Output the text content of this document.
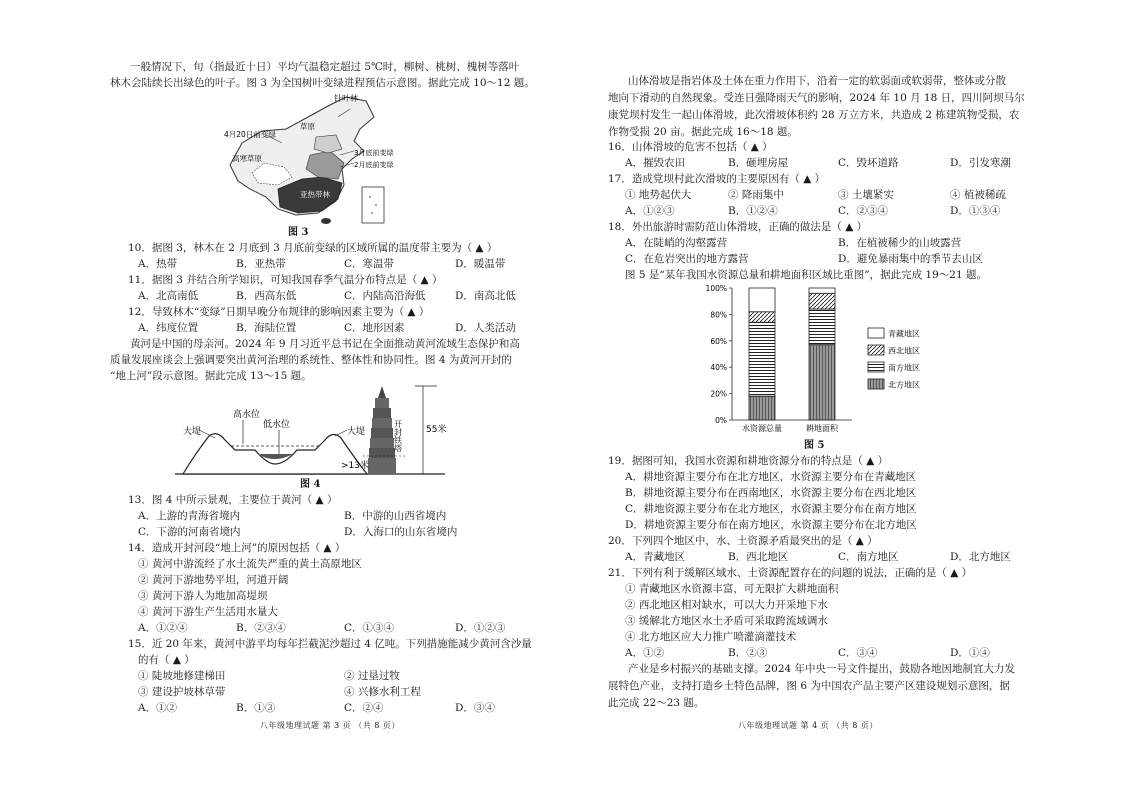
一般情况下，旬（指最近十日）平均气温稳定超过 5℃时，柳树、桃树、槐树等落叶
林木会陆续长出绿色的叶子。图 3 为全国树叶变绿进程预估示意图。据此完成 10～12 题。
针叶林
4月20日前变绿
草原
高寒草原
3月底前变绿
2月底前变绿
亚热带林
图 3
10．据图 3，林木在 2 月底到 3 月底前变绿的区域所属的温度带主要为（ ▲ ）
A．热带	B．亚热带	C．寒温带	D．暖温带
11．据图 3 并结合所学知识，可知我国春季气温分布特点是（ ▲ ）
A．北高南低	B．西高东低	C．内陆高沿海低	D．南高北低
12．导致林木“变绿”日期早晚分布规律的影响因素主要为（ ▲ ）
A．纬度位置	B．海陆位置	C．地形因素	D．人类活动
黄河是中国的母亲河。2024 年 9 月习近平总书记在全面推动黄河流域生态保护和高
质量发展座谈会上强调要突出黄河治理的系统性、整体性和协同性。图 4 为黄河开封的
“地上河”段示意图。据此完成 13～15 题。
高水位
低水位
大堤	大堤	开封铁塔	55米
>13米
图 4
13．图 4 中所示景观，主要位于黄河（ ▲ ）
A．上游的青海省境内	B．中游的山西省境内
C．下游的河南省境内	D．入海口的山东省境内
14．造成开封河段“地上河”的原因包括（ ▲ ）
① 黄河中游流经了水土流失严重的黄土高原地区
② 黄河下游地势平坦，河道开阔
③ 黄河下游人为地加高堤坝
④ 黄河下游生产生活用水量大
A．①②④	B．②③④	C．①③④	D．①②③
15．近 20 年来，黄河中游平均每年拦截泥沙超过 4 亿吨。下列措施能减少黄河含沙量
的有（ ▲ ）
① 陡坡地修建梯田	② 过垦过牧
③ 建设护坡林草带	④ 兴修水利工程
A．①②	B．①③	C．②④	D．③④
八年级地理试题 第 3 页 （共 8 页）
山体滑坡是指岩体及土体在重力作用下，沿着一定的软弱面或软弱带，整体或分散
地向下滑动的自然现象。受连日强降雨天气的影响，2024 年 10 月 18 日，四川阿坝马尔
康党坝村发生一起山体滑坡，此次滑坡体积约 28 万立方米，共造成 2 栋建筑物受损，农
作物受损 20 亩。据此完成 16～18 题。
16．山体滑坡的危害不包括（ ▲ ）
A．摧毁农田	B．砸埋房屋	C．毁坏道路	D．引发寒潮
17．造成党坝村此次滑坡的主要原因有（ ▲ ）
① 地势起伏大	② 降雨集中	③ 土壤紧实	④ 植被稀疏
A．①②③	B．①②④	C．②③④	D．①③④
18．外出旅游时需防范山体滑坡，正确的做法是（ ▲ ）
A．在陡峭的沟壑露营	B．在植被稀少的山坡露营
C．在危岩突出的地方露营	D．避免暴雨集中的季节去山区
图 5 是“某年我国水资源总量和耕地面积区域比重图”，据此完成 19～21 题。
0%
20%
40%
60%
80%
100%
水资源总量	耕地面积
青藏地区
西北地区
南方地区
北方地区
图 5
19．据图可知，我国水资源和耕地资源分布的特点是（ ▲ ）
A．耕地资源主要分布在北方地区，水资源主要分布在青藏地区
B．耕地资源主要分布在西南地区，水资源主要分布在西北地区
C．耕地资源主要分布在北方地区，水资源主要分布在南方地区
D．耕地资源主要分布在南方地区，水资源主要分布在北方地区
20．下列四个地区中，水、土资源矛盾最突出的是（ ▲ ）
A．青藏地区	B．西北地区	C．南方地区	D．北方地区
21．下列有利于缓解区域水、土资源配置存在的问题的说法，正确的是（ ▲ ）
① 青藏地区水资源丰富，可无限扩大耕地面积
② 西北地区相对缺水，可以大力开采地下水
③ 缓解北方地区水土矛盾可采取跨流域调水
④ 北方地区应大力推广喷灌滴灌技术
A．①②	B．②③	C．③④	D．①④
产业是乡村振兴的基础支撑。2024 年中央一号文件提出，鼓励各地因地制宜大力发
展特色产业，支持打造乡土特色品牌，图 6 为中国农产品主要产区建设规划示意图，据
此完成 22～23 题。
八年级地理试题 第 4 页 （共 8 页）
